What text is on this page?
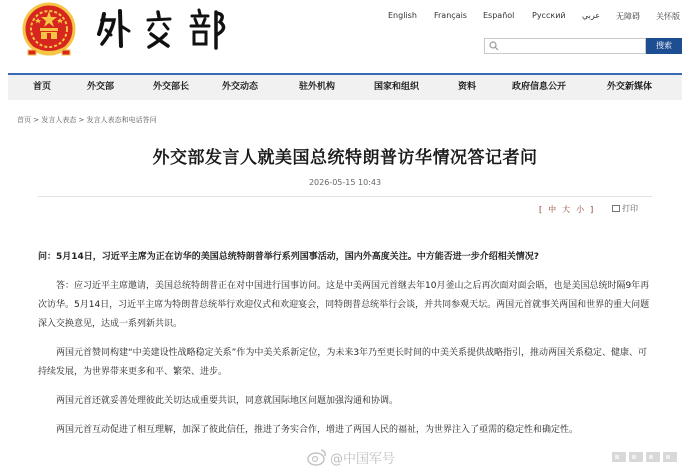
English Français Español Русский عربي 无障碍 关怀版
搜索
首页	外交部	外交部长	外交动态	驻外机构	国家和组织	资料	政府信息公开	外交新媒体
首页 > 发言人表态 > 发言人表态和电话答问
外交部发言人就美国总统特朗普访华情况答记者问
2026-05-15 10:43
[ 中 大 小 ]	打印

问：5月14日，习近平主席为正在访华的美国总统特朗普举行系列国事活动，国内外高度关注。中方能否进一步介绍相关情况?

答：应习近平主席邀请，美国总统特朗普正在对中国进行国事访问。这是中美两国元首继去年10月釜山之后再次面对面会晤，也是美国总统时隔9年再次访华。5月14日，习近平主席为特朗普总统举行欢迎仪式和欢迎宴会，同特朗普总统举行会谈，并共同参观天坛。两国元首就事关两国和世界的重大问题深入交换意见，达成一系列新共识。

两国元首赞同构建“中美建设性战略稳定关系”作为中美关系新定位，为未来3年乃至更长时间的中美关系提供战略指引，推动两国关系稳定、健康、可持续发展，为世界带来更多和平、繁荣、进步。

两国元首还就妥善处理彼此关切达成重要共识，同意就国际地区问题加强沟通和协调。

两国元首互动促进了相互理解，加深了彼此信任，推进了务实合作，增进了两国人民的福祉，为世界注入了亟需的稳定性和确定性。

@中国军号
